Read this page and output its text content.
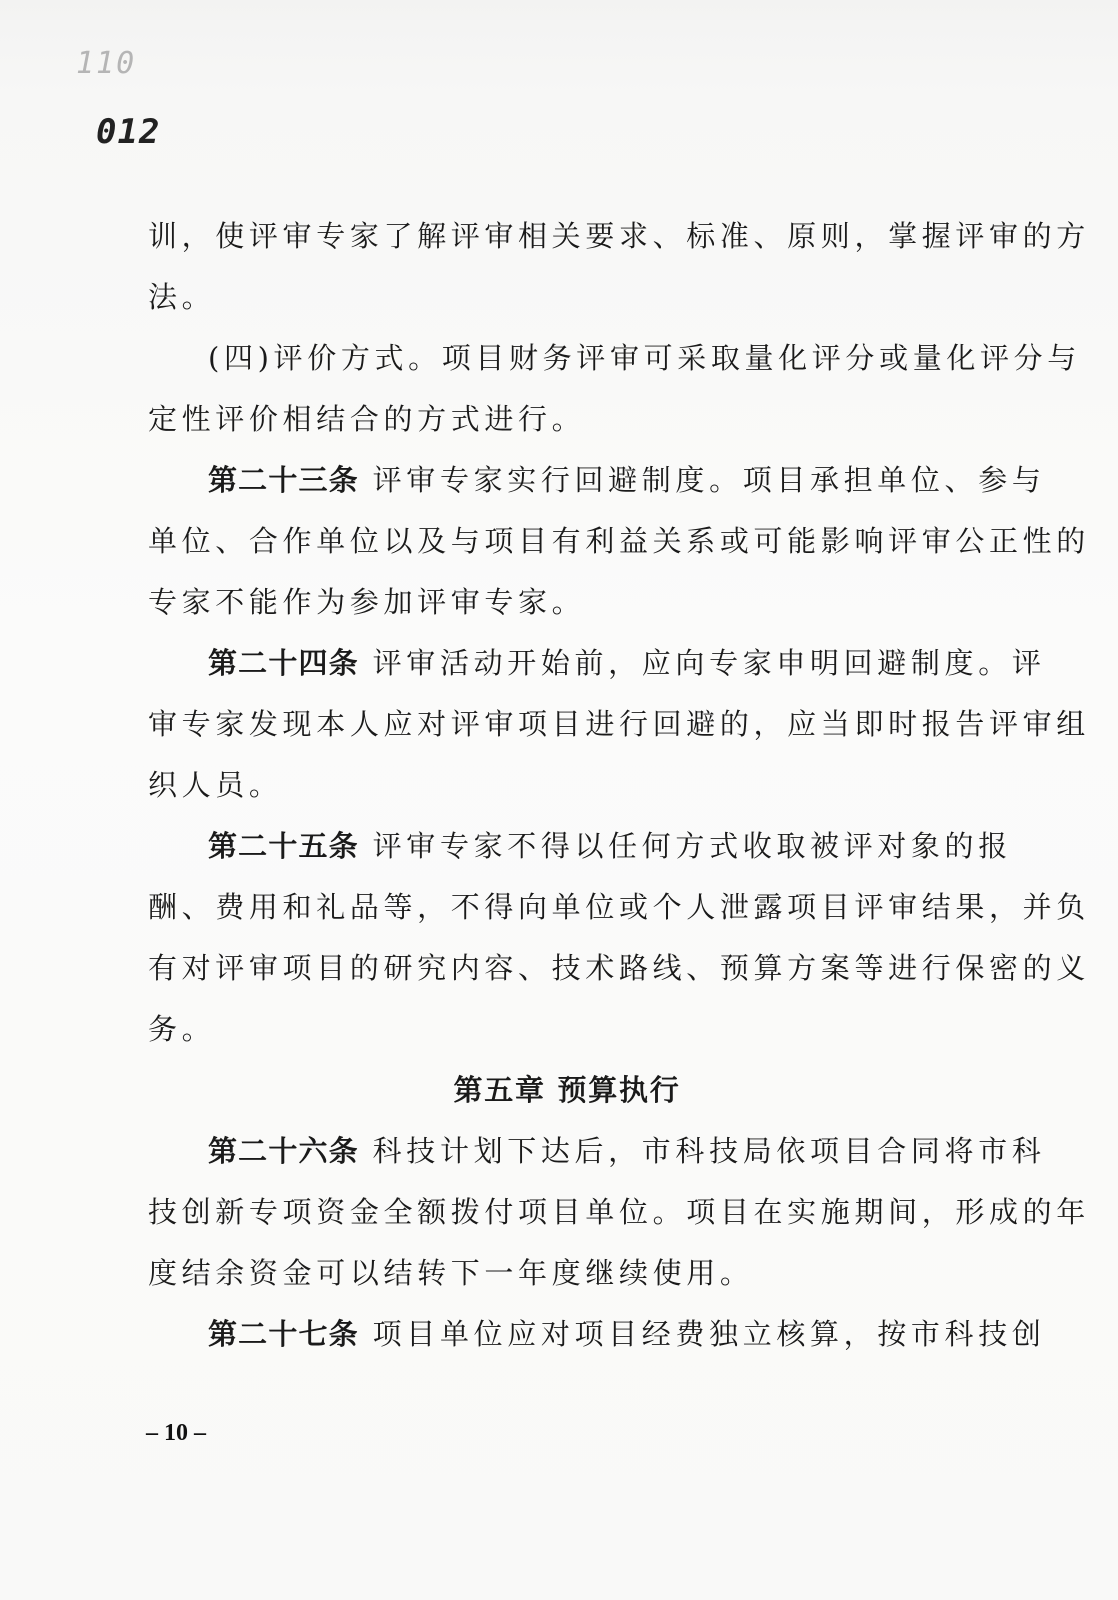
110
012
训，使评审专家了解评审相关要求、标准、原则，掌握评审的方
法。
(四)评价方式。项目财务评审可采取量化评分或量化评分与
定性评价相结合的方式进行。
第二十三条 评审专家实行回避制度。项目承担单位、参与
单位、合作单位以及与项目有利益关系或可能影响评审公正性的
专家不能作为参加评审专家。
第二十四条 评审活动开始前，应向专家申明回避制度。评
审专家发现本人应对评审项目进行回避的，应当即时报告评审组
织人员。
第二十五条 评审专家不得以任何方式收取被评对象的报
酬、费用和礼品等，不得向单位或个人泄露项目评审结果，并负
有对评审项目的研究内容、技术路线、预算方案等进行保密的义
务。
第五章 预算执行
第二十六条 科技计划下达后，市科技局依项目合同将市科
技创新专项资金全额拨付项目单位。项目在实施期间，形成的年
度结余资金可以结转下一年度继续使用。
第二十七条 项目单位应对项目经费独立核算，按市科技创
– 10 –
